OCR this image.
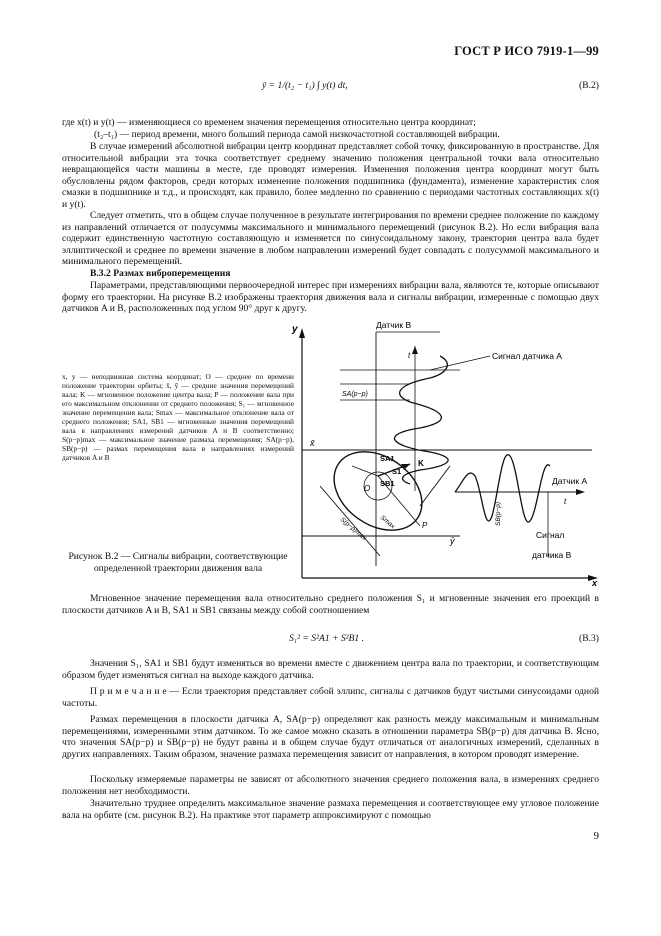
ГОСТ Р ИСО 7919-1—99
ȳ = 1/(t₂ − t₁) ∫ y(t) dt,	(В.2)
где x(t) и y(t) — изменяющиеся со временем значения перемещения относительно центра координат;
(t₂–t₁) — период времени, много больший периода самой низкочастотной составляющей вибрации.
В случае измерений абсолютной вибрации центр координат представляет собой точку, фиксированную в пространстве. Для относительной вибрации эта точка соответствует среднему значению положения центральной точки вала относительно невращающейся части машины в месте, где проводят измерения. Изменения положения центра координат могут быть обусловлены рядом факторов, среди которых изменение положения подшипника (фундамента), изменение характеристик слоя смазки в подшипнике и т.д., и происходят, как правило, более медленно по сравнению с периодами частотных составляющих x(t) и y(t).
Следует отметить, что в общем случае полученное в результате интегрирования по времени среднее положение по каждому из направлений отличается от полусуммы максимального и минимального перемещений (рисунок В.2). Но если вибрация вала содержит единственную частотную составляющую и изменяется по синусоидальному закону, траектория центра вала будет эллиптической и среднее по времени значение в любом направлении измерений будет совпадать с полусуммой максимального и минимального перемещений.
В.3.2 Размах виброперемещения
Параметрами, представляющими первоочередной интерес при измерениях вибрации вала, являются те, которые описывают форму его траектории. На рисунке В.2 изображены траектория движения вала и сигналы вибрации, измеренные с помощью двух датчиков A и B, расположенных под углом 90° друг к другу.
x, y — неподвижная система координат; O — среднее по времени положение траектории орбиты; x̄, ȳ — средние значения перемещений вала; K — мгновенное положение центра вала; P — положение вала при его максимальном отклонении от среднего положения; S₁ — мгновенное значение перемещения вала; Smax — максимальное отклонение вала от среднего положения; SA1, SB1 — мгновенные значения перемещений вала в направлениях измерений датчиков A и B соответственно; S(p−p)max — максимальное значение размаха перемещения; SA(p−p), SB(p−p) — размах перемещения вала в направлениях измерений датчиков A и B
Рисунок В.2 — Сигналы вибрации, соответствующие определенной траектории движения вала
y
x
Датчик B
t	Сигнал датчика A
SA(p−p)
x̄
SA1
SB1
S1
K
P
O
Smax
S(p−p)max	ȳ
t
Датчик A
Сигнал
датчика B
SB(p−p)
Мгновенное значение перемещения вала относительно среднего положения S₁ и мгновенные значения его проекций в плоскости датчиков A и B, SA1 и SB1 связаны между собой соотношением
S₁² = S²A1 + S²B1 .	(В.3)
Значения S₁, SA1 и SB1 будут изменяться во времени вместе с движением центра вала по траектории, и соответствующим образом будет изменяться сигнал на выходе каждого датчика.
П р и м е ч а н и е — Если траектория представляет собой эллипс, сигналы с датчиков будут чистыми синусоидами одной частоты.
Размах перемещения в плоскости датчика A, SA(p−p) определяют как разность между максимальным и минимальным перемещениями, измеренными этим датчиком. То же самое можно сказать в отношении параметра SB(p−p) для датчика B. Ясно, что значения SA(p−p) и SB(p−p) не будут равны и в общем случае будут отличаться от аналогичных измерений, сделанных в других направлениях. Таким образом, значение размаха перемещения зависит от направления, в котором проводят измерение.
Поскольку измеряемые параметры не зависят от абсолютного значения среднего положения вала, в измерениях среднего положения нет необходимости.
Значительно труднее определить максимальное значение размаха перемещения и соответствующее ему угловое положение вала на орбите (см. рисунок В.2). На практике этот параметр аппроксимируют с помощью
9
